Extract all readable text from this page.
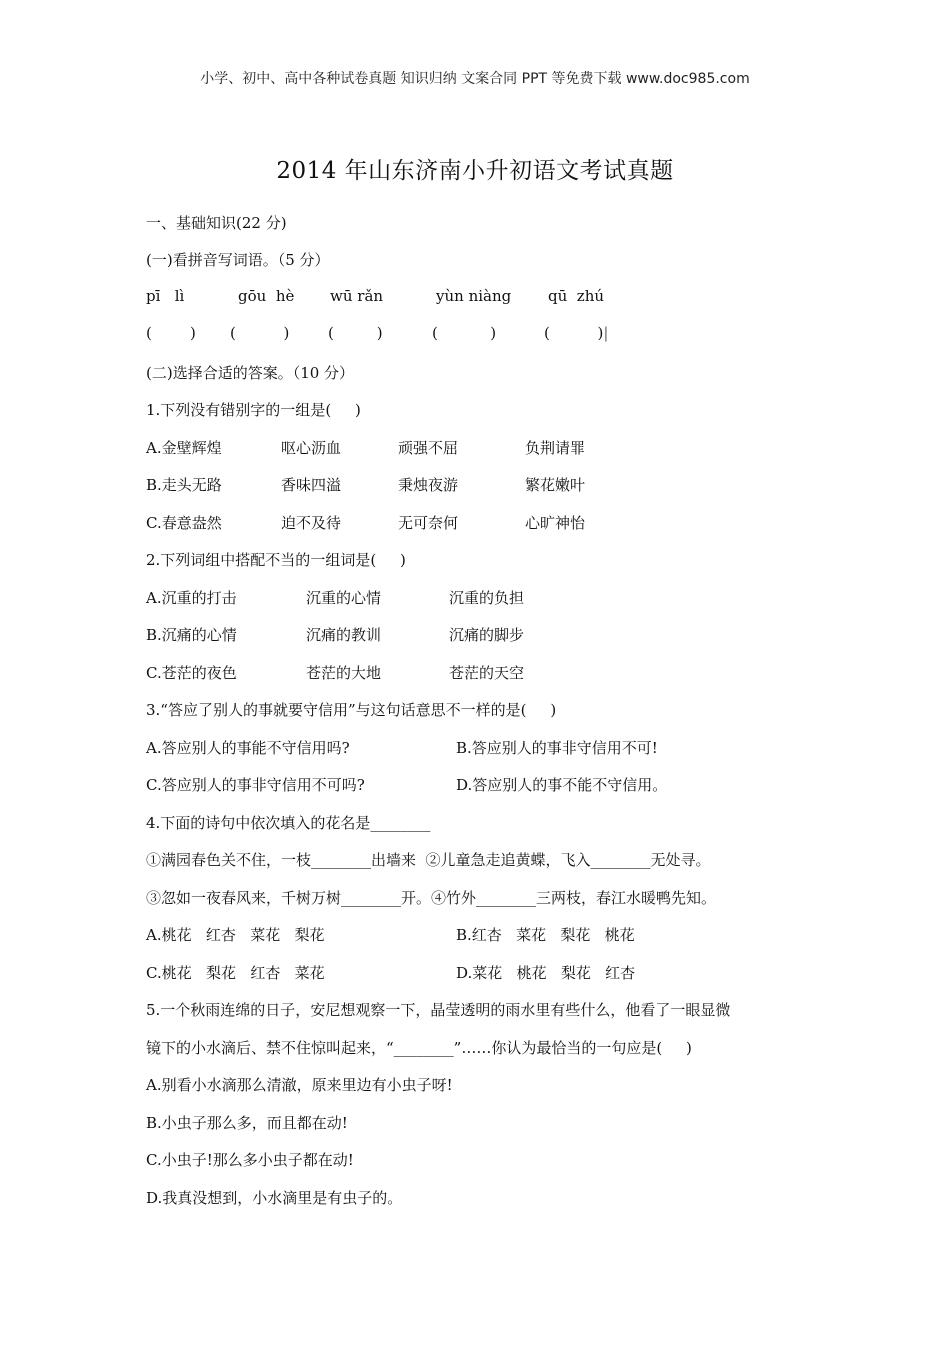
小学、初中、高中各种试卷真题 知识归纳 文案合同 PPT 等免费下载 www.doc985.com
2014 年山东济南小升初语文考试真题
一、基础知识(22 分)
(一)看拼音写词语。（5 分）
pī   lì	gōu  hè	wū rǎn	yùn niàng	qū  zhú
(        )	(          )	(         )	(           )	(          ) |
(二)选择合适的答案。（10 分）
1.下列没有错别字的一组是(     )
A.金壁辉煌	呕心沥血	顽强不屈	负荆请罪
B.走头无路	香味四溢	秉烛夜游	繁花嫩叶
C.春意盎然	迫不及待	无可奈何	心旷神怡
2.下列词组中搭配不当的一组词是(     )
A.沉重的打击	沉重的心情	沉重的负担
B.沉痛的心情	沉痛的教训	沉痛的脚步
C.苍茫的夜色	苍茫的大地	苍茫的天空
3.“答应了别人的事就要守信用”与这句话意思不一样的是(     )
A.答应别人的事能不守信用吗?	B.答应别人的事非守信用不可!
C.答应别人的事非守信用不可吗?	D.答应别人的事不能不守信用。
4.下面的诗句中依次填入的花名是________
①满园春色关不住，一枝________出墙来  ②儿童急走追黄蝶，飞入________无处寻。
③忽如一夜春风来，千树万树________开。④竹外________三两枝，春江水暖鸭先知。
A.桃花   红杏   菜花   梨花	B.红杏   菜花   梨花   桃花
C.桃花   梨花   红杏   菜花	D.菜花   桃花   梨花   红杏
5.一个秋雨连绵的日子，安尼想观察一下，晶莹透明的雨水里有些什么，他看了一眼显微
镜下的小水滴后、禁不住惊叫起来，“________”……你认为最恰当的一句应是(     )
A.别看小水滴那么清澈，原来里边有小虫子呀!
B.小虫子那么多，而且都在动!
C.小虫子!那么多小虫子都在动!
D.我真没想到，小水滴里是有虫子的。
